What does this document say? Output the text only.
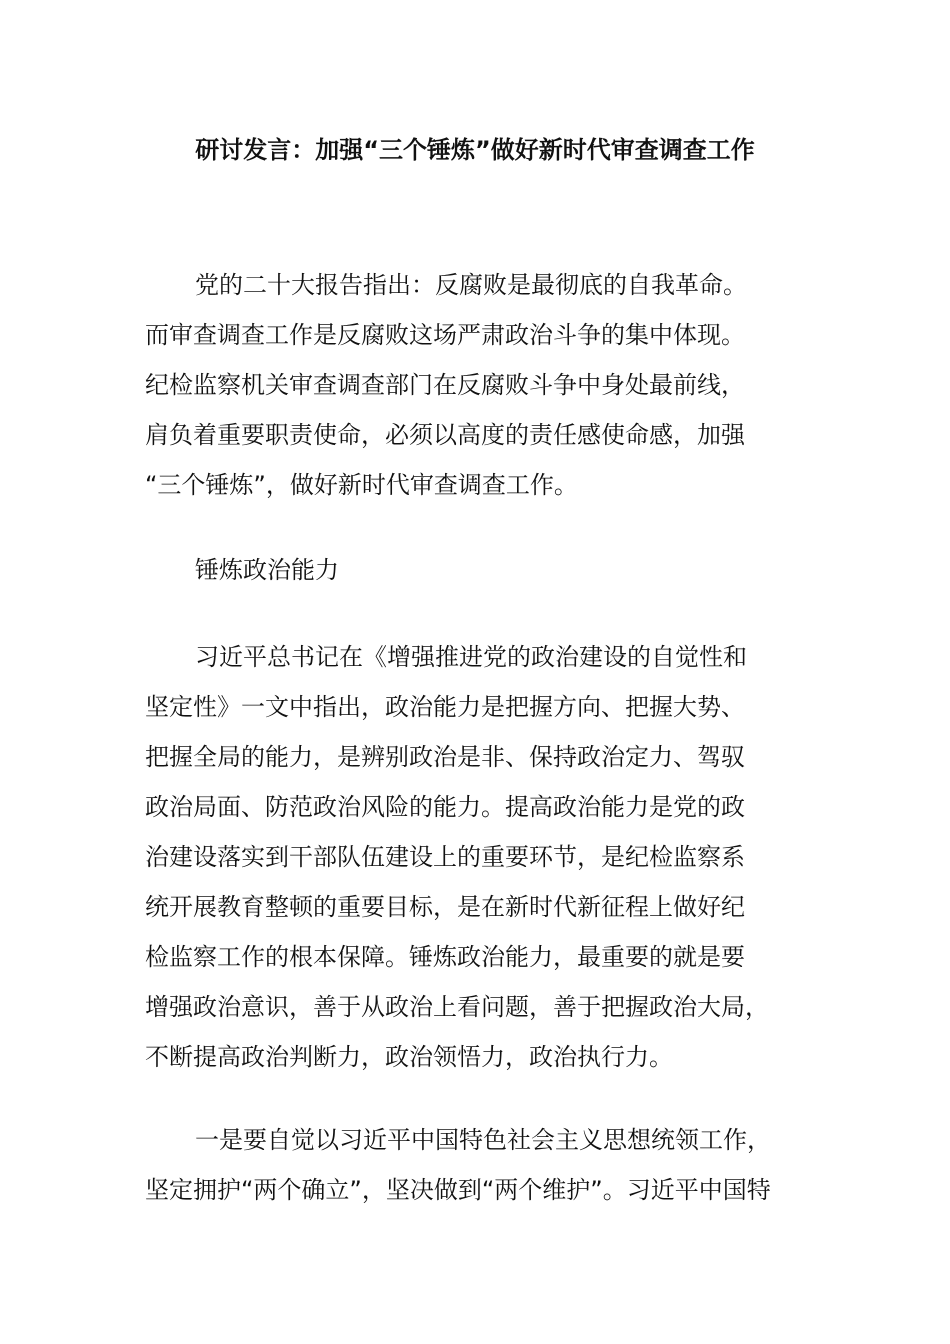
研讨发言：加强“三个锤炼”做好新时代审查调查工作
党的二十大报告指出：反腐败是最彻底的自我革命。
而审查调查工作是反腐败这场严肃政治斗争的集中体现。
纪检监察机关审查调查部门在反腐败斗争中身处最前线，
肩负着重要职责使命，必须以高度的责任感使命感，加强
“三个锤炼”，做好新时代审查调查工作。
锤炼政治能力
习近平总书记在《增强推进党的政治建设的自觉性和
坚定性》一文中指出，政治能力是把握方向、把握大势、
把握全局的能力，是辨别政治是非、保持政治定力、驾驭
政治局面、防范政治风险的能力。提高政治能力是党的政
治建设落实到干部队伍建设上的重要环节，是纪检监察系
统开展教育整顿的重要目标，是在新时代新征程上做好纪
检监察工作的根本保障。锤炼政治能力，最重要的就是要
增强政治意识，善于从政治上看问题，善于把握政治大局，
不断提高政治判断力，政治领悟力，政治执行力。
一是要自觉以习近平中国特色社会主义思想统领工作，
坚定拥护“两个确立”，坚决做到“两个维护”。习近平中国特
